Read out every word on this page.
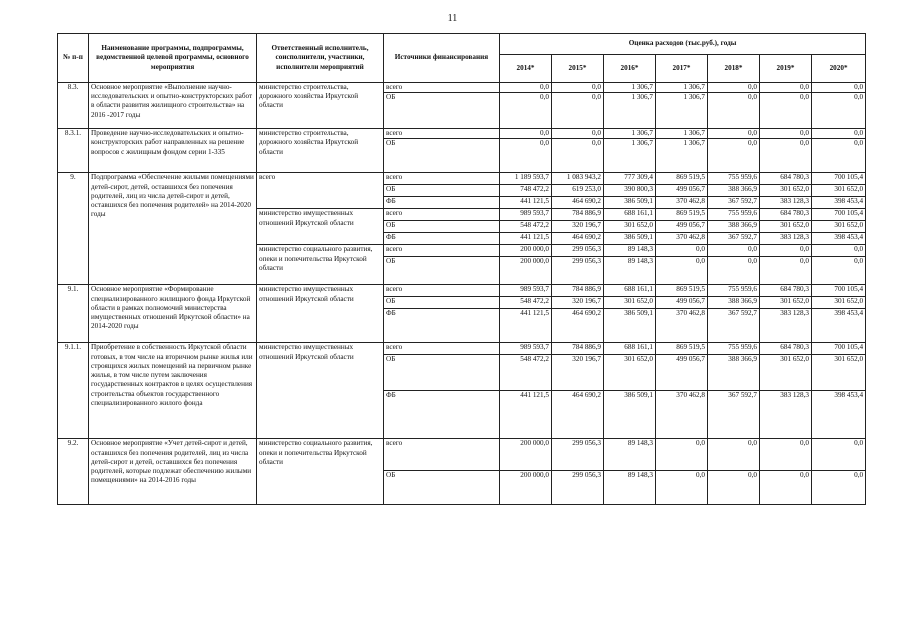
11
№ п-п	Наименование программы, подпрограммы, ведомственной целевой программы, основного мероприятия	Ответственный исполнитель, соисполнители, участники, исполнители мероприятий	Источники финансирования	Оценка расходов (тыс.руб.), годы						
				2014*	2015*	2016*	2017*	2018*	2019*	2020*
8.3.	Основное мероприятие «Выполнение научно-исследовательских и опытно-конструкторских работ в области развития жилищного строительства» на 2016 -2017 годы	министерство строительства, дорожного хозяйства Иркутской области	всего	0,0	0,0	1 306,7	1 306,7	0,0	0,0	0,0
			ОБ	0,0	0,0	1 306,7	1 306,7	0,0	0,0	0,0
8.3.1.	Проведение научно-исследовательских и опытно-конструкторских работ направленных на решение вопросов с жилищным фондом серии 1-335	министерство строительства, дорожного хозяйства Иркутской области	всего	0,0	0,0	1 306,7	1 306,7	0,0	0,0	0,0
			ОБ	0,0	0,0	1 306,7	1 306,7	0,0	0,0	0,0
9.	Подпрограмма «Обеспечение жилыми помещениями детей-сирот, детей, оставшихся без попечения родителей, лиц из числа детей-сирот и детей, оставшихся без попечения родителей» на 2014-2020 годы	всего	всего	1 189 593,7	1 083 943,2	777 309,4	869 519,5	755 959,6	684 780,3	700 105,4
			ОБ	748 472,2	619 253,0	390 800,3	499 056,7	388 366,9	301 652,0	301 652,0
			ФБ	441 121,5	464 690,2	386 509,1	370 462,8	367 592,7	383 128,3	398 453,4
		министерство имущественных отношений Иркутской области	всего	989 593,7	784 886,9	688 161,1	869 519,5	755 959,6	684 780,3	700 105,4
			ОБ	548 472,2	320 196,7	301 652,0	499 056,7	388 366,9	301 652,0	301 652,0
			ФБ	441 121,5	464 690,2	386 509,1	370 462,8	367 592,7	383 128,3	398 453,4
		министерство социального развития, опеки и попечительства Иркутской области	всего	200 000,0	299 056,3	89 148,3	0,0	0,0	0,0	0,0
			ОБ	200 000,0	299 056,3	89 148,3	0,0	0,0	0,0	0,0
9.1.	Основное мероприятие «Формирование специализированного жилищного фонда Иркутской области в рамках полномочий министерства имущественных отношений Иркутской области» на 2014-2020 годы	министерство имущественных отношений Иркутской области	всего	989 593,7	784 886,9	688 161,1	869 519,5	755 959,6	684 780,3	700 105,4
			ОБ	548 472,2	320 196,7	301 652,0	499 056,7	388 366,9	301 652,0	301 652,0
			ФБ	441 121,5	464 690,2	386 509,1	370 462,8	367 592,7	383 128,3	398 453,4
9.1.1.	Приобретение в собственность Иркутской области готовых, в том числе на вторичном рынке жилья или строящихся жилых помещений на первичном рынке жилья, в том числе путем заключения государственных контрактов в целях осуществления строительства объектов государственного специализированного жилого фонда	министерство имущественных отношений Иркутской области	всего	989 593,7	784 886,9	688 161,1	869 519,5	755 959,6	684 780,3	700 105,4
			ОБ	548 472,2	320 196,7	301 652,0	499 056,7	388 366,9	301 652,0	301 652,0
			ФБ	441 121,5	464 690,2	386 509,1	370 462,8	367 592,7	383 128,3	398 453,4
9.2.	Основное мероприятие «Учет детей-сирот и детей, оставшихся без попечения родителей, лиц из числа детей-сирот и детей, оставшихся без попечения родителей, которые подлежат обеспечению жилыми помещениями» на 2014-2016 годы	министерство социального развития, опеки и попечительства Иркутской области	всего	200 000,0	299 056,3	89 148,3	0,0	0,0	0,0	0,0
			ОБ	200 000,0	299 056,3	89 148,3	0,0	0,0	0,0	0,0
